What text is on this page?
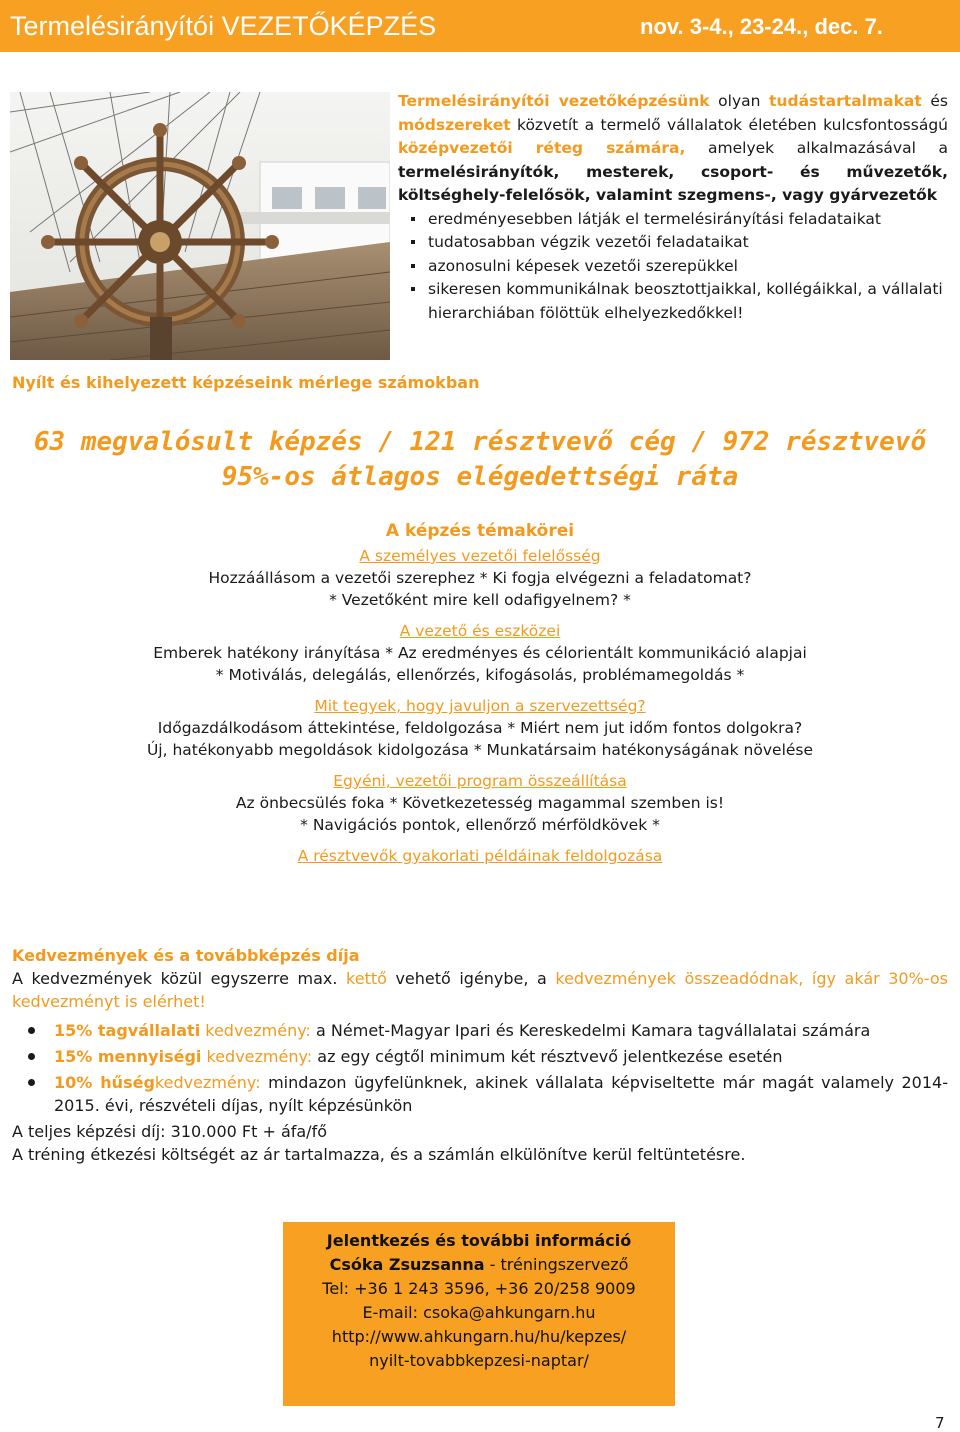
Termelésirányítói VEZETŐKÉPZÉS	nov. 3-4., 23-24., dec. 7.

Termelésirányítói vezetőképzésünk olyan tudástartalmakat és módszereket közvetít a termelő vállalatok életében kulcsfontosságú középvezetői réteg számára, amelyek alkalmazásával a termelésirányítók, mesterek, csoport- és művezetők, költséghely-felelősök, valamint szegmens-, vagy gyárvezetők

eredményesebben látják el termelésirányítási feladataikat
tudatosabban végzik vezetői feladataikat
azonosulni képesek vezetői szerepükkel
sikeresen kommunikálnak beosztottjaikkal, kollégáikkal, a vállalati hierarchiában fölöttük elhelyezkedőkkel!
Nyílt és kihelyezett képzéseink mérlege számokban
63 megvalósult képzés / 121 résztvevő cég / 972 résztvevő
95%-os átlagos elégedettségi ráta
A képzés témakörei
A személyes vezetői felelősség
Hozzáállásom a vezetői szerephez * Ki fogja elvégezni a feladatomat?
* Vezetőként mire kell odafigyelnem? *
A vezető és eszközei
Emberek hatékony irányítása * Az eredményes és célorientált kommunikáció alapjai
* Motiválás, delegálás, ellenőrzés, kifogásolás, problémamegoldás *
Mit tegyek, hogy javuljon a szervezettség?
Időgazdálkodásom áttekintése, feldolgozása * Miért nem jut időm fontos dolgokra?
Új, hatékonyabb megoldások kidolgozása * Munkatársaim hatékonyságának növelése
Egyéni, vezetői program összeállítása
Az önbecsülés foka * Következetesség magammal szemben is!
* Navigációs pontok, ellenőrző mérföldkövek *
A résztvevők gyakorlati példáinak feldolgozása

Kedvezmények és a továbbképzés díja

A kedvezmények közül egyszerre max. kettő vehető igénybe, a kedvezmények összeadódnak, így akár 30%-os kedvezményt is elérhet!

15% tagvállalati kedvezmény: a Német-Magyar Ipari és Kereskedelmi Kamara tagvállalatai számára
15% mennyiségi kedvezmény: az egy cégtől minimum két résztvevő jelentkezése esetén
10% hűségkedvezmény: mindazon ügyfelünknek, akinek vállalata képviseltette már magát valamely 2014-2015. évi, részvételi díjas, nyílt képzésünkön

A teljes képzési díj: 310.000 Ft + áfa/fő

A tréning étkezési költségét az ár tartalmazza, és a számlán elkülönítve kerül feltüntetésre.

Jelentkezés és további információ
Csóka Zsuzsanna - tréningszervező
Tel: +36 1 243 3596, +36 20/258 9009
E-mail: csoka@ahkungarn.hu
http://www.ahkungarn.hu/hu/kepzes/
nyilt-tovabbkepzesi-naptar/
7
